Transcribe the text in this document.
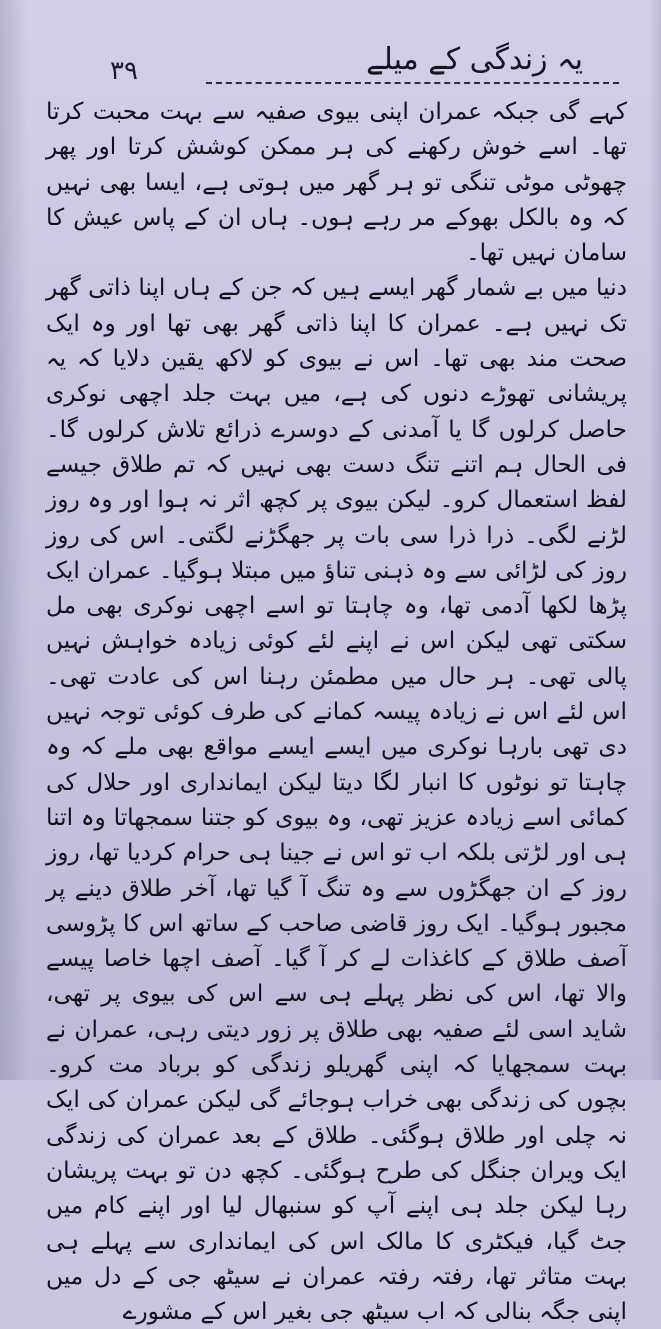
۳۹	یہ زندگی کے میلے

کہے گی جبکہ عمران اپنی بیوی صفیہ سے بہت محبت کرتا تھا۔ اسے خوش رکھنے کی ہر ممکن کوشش کرتا اور پھر چھوٹی موٹی تنگی تو ہر گھر میں ہوتی ہے، ایسا بھی نہیں کہ وہ بالکل بھوکے مر رہے ہوں۔ ہاں ان کے پاس عیش کا سامان نہیں تھا۔

دنیا میں بے شمار گھر ایسے ہیں کہ جن کے ہاں اپنا ذاتی گھر تک نہیں ہے۔ عمران کا اپنا ذاتی گھر بھی تھا اور وہ ایک صحت مند بھی تھا۔ اس نے بیوی کو لاکھ یقین دلایا کہ یہ پریشانی تھوڑے دنوں کی ہے، میں بہت جلد اچھی نوکری حاصل کرلوں گا یا آمدنی کے دوسرے ذرائع تلاش کرلوں گا۔ فی الحال ہم اتنے تنگ دست بھی نہیں کہ تم طلاق جیسے لفظ استعمال کرو۔ لیکن بیوی پر کچھ اثر نہ ہوا اور وہ روز لڑنے لگی۔ ذرا ذرا سی بات پر جھگڑنے لگتی۔ اس کی روز روز کی لڑائی سے وہ ذہنی تناؤ میں مبتلا ہوگیا۔ عمران ایک پڑھا لکھا آدمی تھا، وہ چاہتا تو اسے اچھی نوکری بھی مل سکتی تھی لیکن اس نے اپنے لئے کوئی زیادہ خواہش نہیں پالی تھی۔ ہر حال میں مطمئن رہنا اس کی عادت تھی۔ اس لئے اس نے زیادہ پیسہ کمانے کی طرف کوئی توجہ نہیں دی تھی بارہا نوکری میں ایسے ایسے مواقع بھی ملے کہ وہ چاہتا تو نوٹوں کا انبار لگا دیتا لیکن ایمانداری اور حلال کی کمائی اسے زیادہ عزیز تھی، وہ بیوی کو جتنا سمجھاتا وہ اتنا ہی اور لڑتی بلکہ اب تو اس نے جینا ہی حرام کردیا تھا، روز روز کے ان جھگڑوں سے وہ تنگ آ گیا تھا، آخر طلاق دینے پر مجبور ہوگیا۔ ایک روز قاضی صاحب کے ساتھ اس کا پڑوسی آصف طلاق کے کاغذات لے کر آ گیا۔ آصف اچھا خاصا پیسے والا تھا، اس کی نظر پہلے ہی سے اس کی بیوی پر تھی، شاید اسی لئے صفیہ بھی طلاق پر زور دیتی رہی، عمران نے بہت سمجھایا کہ اپنی گھریلو زندگی کو برباد مت کرو۔ بچوں کی زندگی بھی خراب ہوجائے گی لیکن عمران کی ایک نہ چلی اور طلاق ہوگئی۔ طلاق کے بعد عمران کی زندگی ایک ویران جنگل کی طرح ہوگئی۔ کچھ دن تو بہت پریشان رہا لیکن جلد ہی اپنے آپ کو سنبھال لیا اور اپنے کام میں جٹ گیا، فیکٹری کا مالک اس کی ایمانداری سے پہلے ہی بہت متاثر تھا، رفتہ رفتہ عمران نے سیٹھ جی کے دل میں اپنی جگہ بنالی کہ اب سیٹھ جی بغیر اس کے مشورے
